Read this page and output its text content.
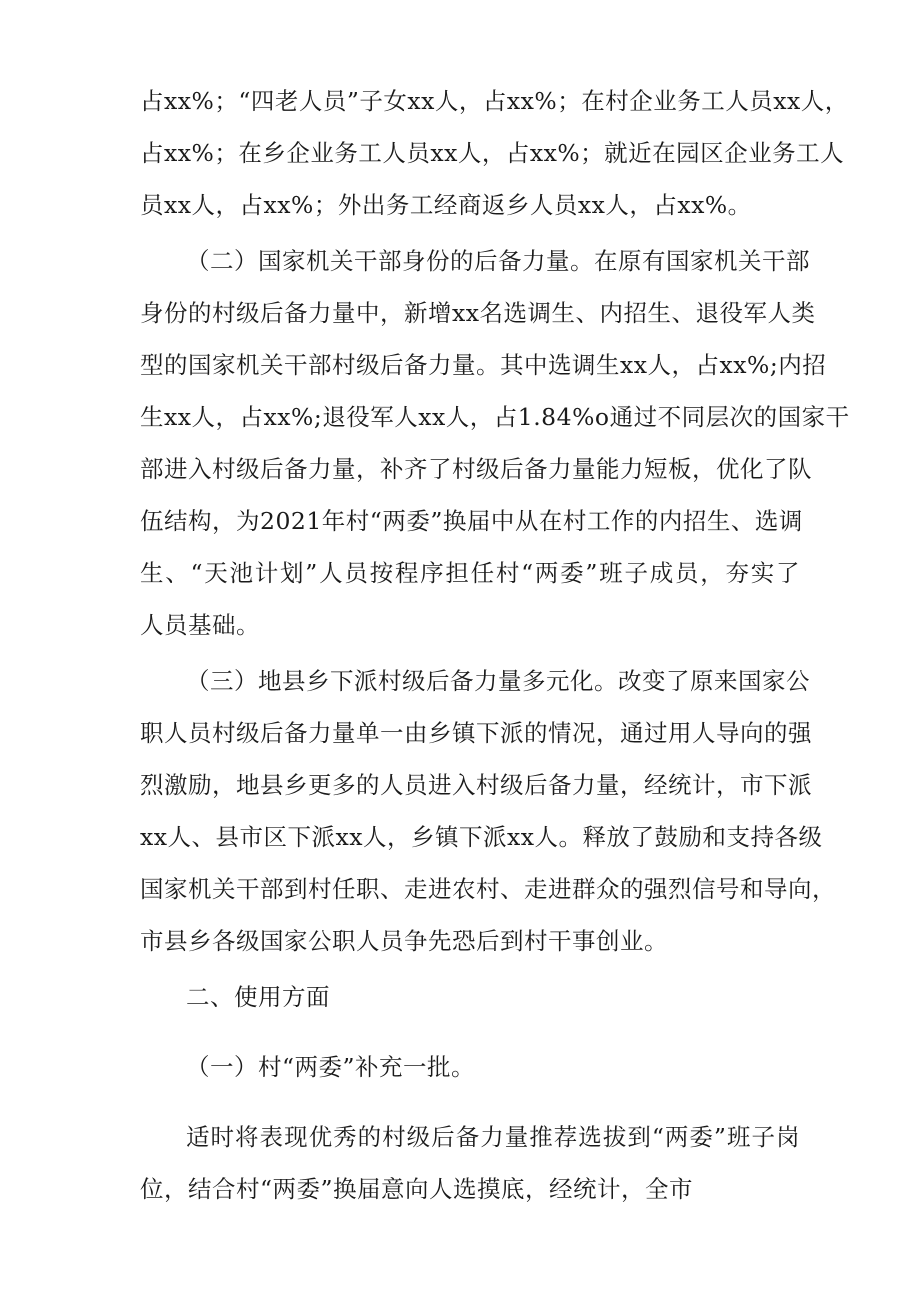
占xx%；“四老人员”子女xx人，占xx%；在村企业务工人员xx人，
占xx%；在乡企业务工人员xx人，占xx%；就近在园区企业务工人
员xx人，占xx%；外出务工经商返乡人员xx人，占xx%。
（二）国家机关干部身份的后备力量。在原有国家机关干部
身份的村级后备力量中，新增xx名选调生、内招生、退役军人类
型的国家机关干部村级后备力量。其中选调生xx人，占xx%;内招
生xx人，占xx%;退役军人xx人，占1.84%o通过不同层次的国家干
部进入村级后备力量，补齐了村级后备力量能力短板，优化了队
伍结构，为2021年村“两委”换届中从在村工作的内招生、选调
生、“天池计划”人员按程序担任村“两委”班子成员，夯实了
人员基础。
（三）地县乡下派村级后备力量多元化。改变了原来国家公
职人员村级后备力量单一由乡镇下派的情况，通过用人导向的强
烈激励，地县乡更多的人员进入村级后备力量，经统计，市下派
xx人、县市区下派xx人，乡镇下派xx人。释放了鼓励和支持各级
国家机关干部到村任职、走进农村、走进群众的强烈信号和导向，
市县乡各级国家公职人员争先恐后到村干事创业。
二、使用方面
（一）村“两委”补充一批。
适时将表现优秀的村级后备力量推荐选拔到“两委”班子岗
位，结合村“两委”换届意向人选摸底，经统计，全市
